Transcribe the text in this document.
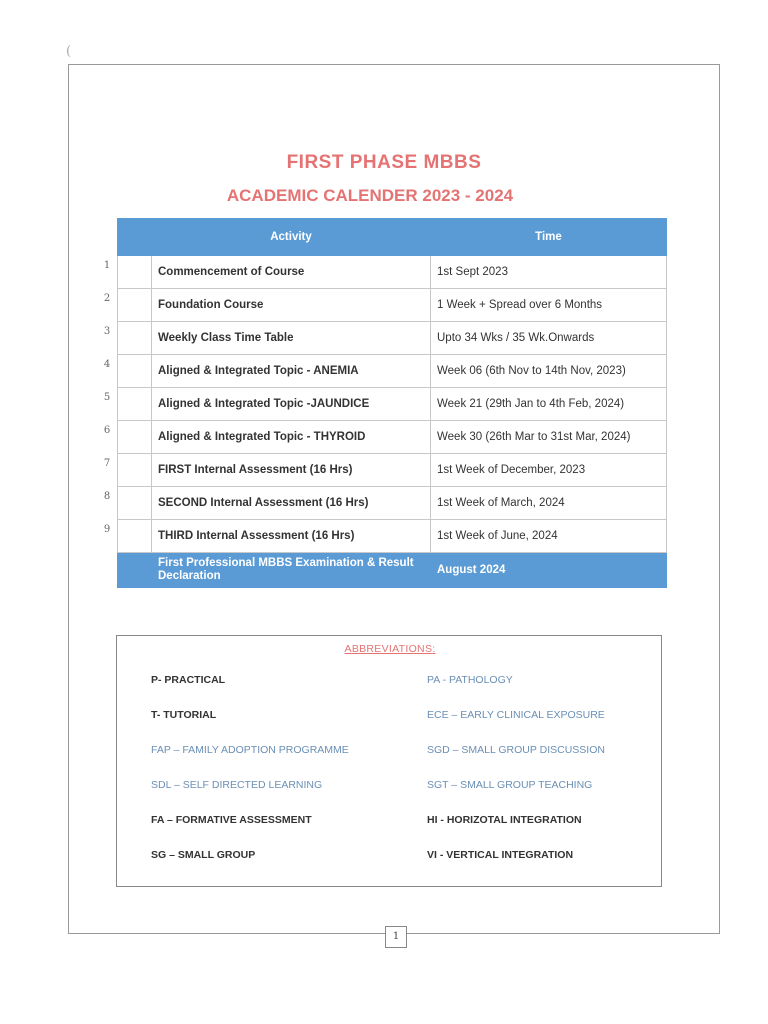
(
FIRST PHASE MBBS
ACADEMIC CALENDER 2023 - 2024
1
2
3
4
5
6
7
8
9
	Activity	Time
	Commencement of Course	1st Sept 2023
	Foundation Course	1 Week + Spread over 6 Months
	Weekly Class Time Table	Upto 34 Wks / 35 Wk.Onwards
	Aligned & Integrated Topic - ANEMIA	Week 06 (6th Nov to 14th Nov, 2023)
	Aligned & Integrated Topic -JAUNDICE	Week 21 (29th Jan to 4th Feb, 2024)
	Aligned & Integrated Topic - THYROID	Week 30 (26th Mar to 31st Mar, 2024)
	FIRST Internal Assessment (16 Hrs)	1st Week of December, 2023
	SECOND Internal Assessment (16 Hrs)	1st Week of March, 2024
	THIRD Internal Assessment (16 Hrs)	1st Week of June, 2024
	First Professional MBBS Examination & Result Declaration	August 2024
ABBREVIATIONS:
P- PRACTICAL
T- TUTORIAL
FAP – FAMILY ADOPTION PROGRAMME
SDL – SELF DIRECTED LEARNING
FA – FORMATIVE ASSESSMENT
SG – SMALL GROUP
PA - PATHOLOGY
ECE – EARLY CLINICAL EXPOSURE
SGD – SMALL GROUP DISCUSSION
SGT – SMALL GROUP TEACHING
HI - HORIZOTAL INTEGRATION
VI - VERTICAL INTEGRATION
1
